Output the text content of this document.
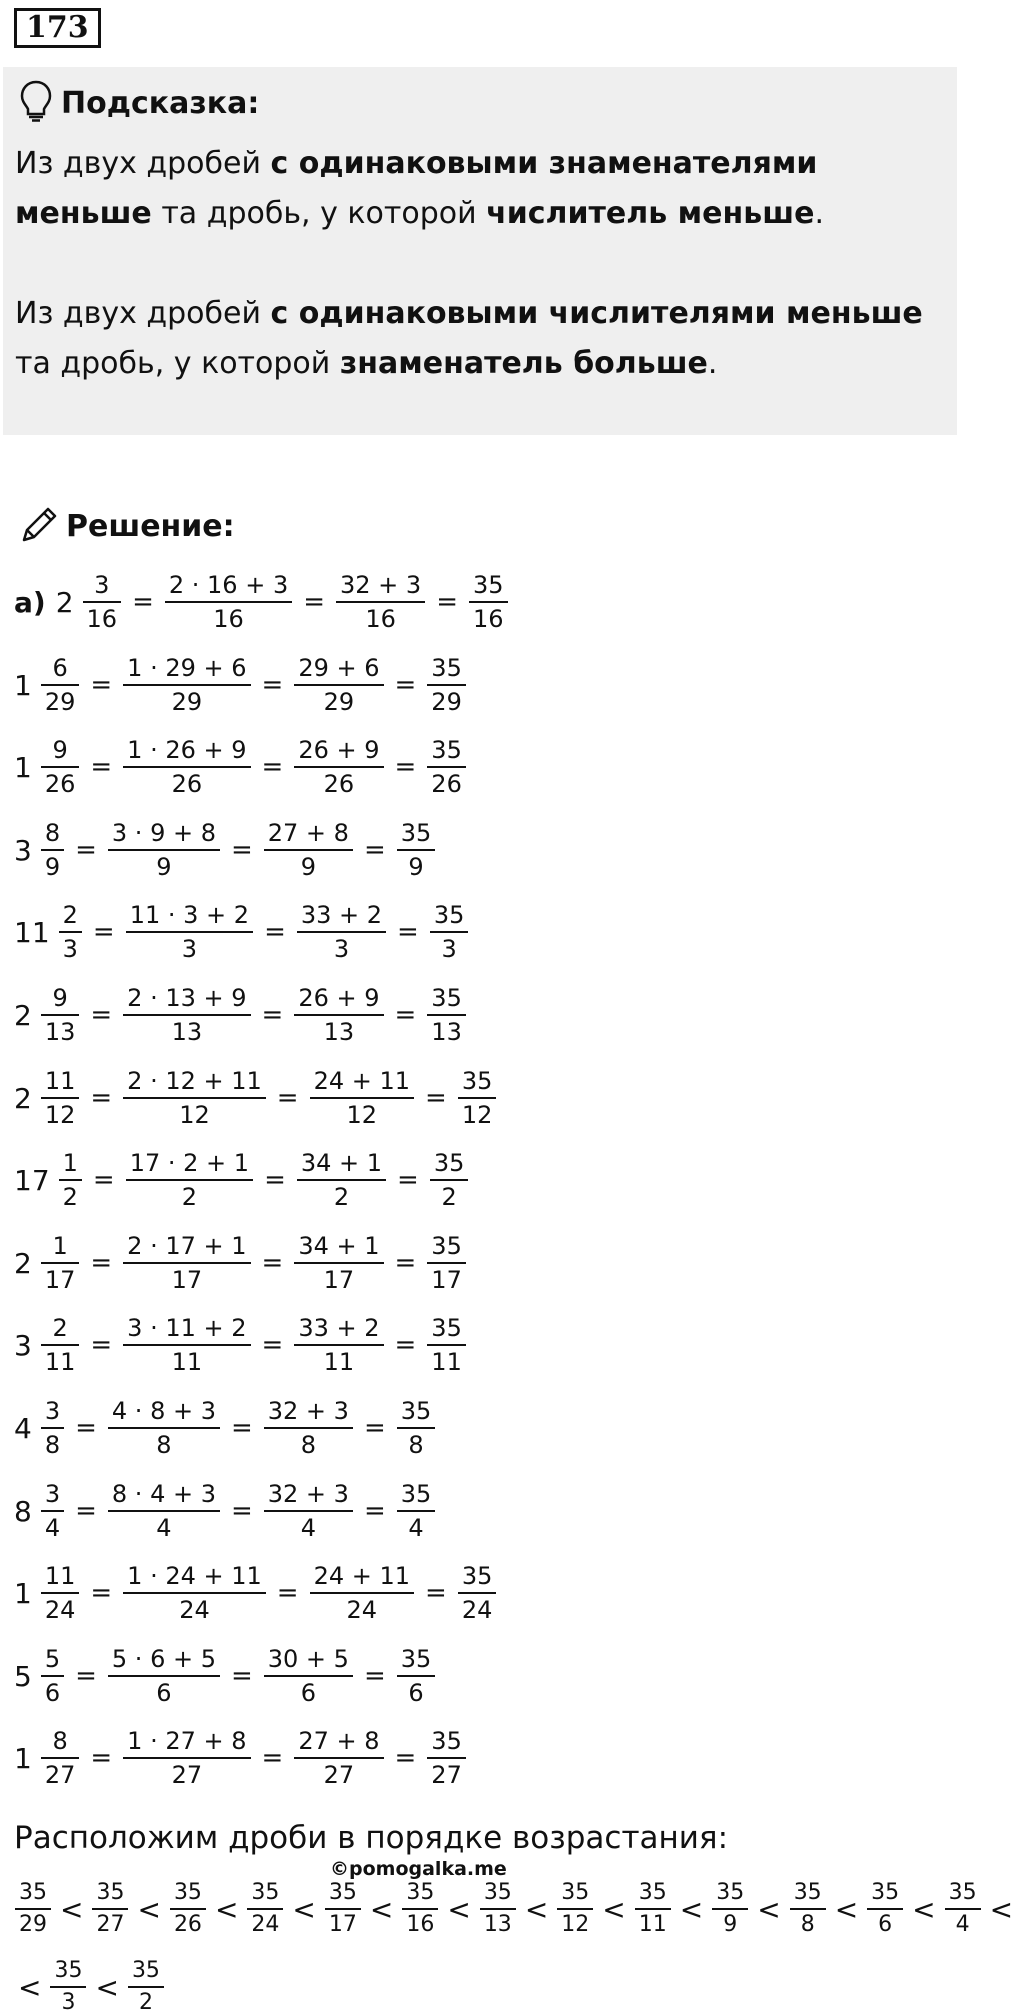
173
Подсказка:
Из двух дробей с одинаковыми знаменателями меньше та дробь, у которой числитель меньше.
Из двух дробей с одинаковыми числителями меньше та дробь, у которой знаменатель больше.
Решение:
а) $2 \frac{3}{16} = \frac{2 \cdot 16 + 3}{16} = \frac{32 + 3}{16} = \frac{35}{16}$
$1 \frac{6}{29} = \frac{1 \cdot 29 + 6}{29} = \frac{29 + 6}{29} = \frac{35}{29}$
$1 \frac{9}{26} = \frac{1 \cdot 26 + 9}{26} = \frac{26 + 9}{26} = \frac{35}{26}$
$3 \frac{8}{9} = \frac{3 \cdot 9 + 8}{9} = \frac{27 + 8}{9} = \frac{35}{9}$
$11 \frac{2}{3} = \frac{11 \cdot 3 + 2}{3} = \frac{33 + 2}{3} = \frac{35}{3}$
$2 \frac{9}{13} = \frac{2 \cdot 13 + 9}{13} = \frac{26 + 9}{13} = \frac{35}{13}$
$2 \frac{11}{12} = \frac{2 \cdot 12 + 11}{12} = \frac{24 + 11}{12} = \frac{35}{12}$
$17 \frac{1}{2} = \frac{17 \cdot 2 + 1}{2} = \frac{34 + 1}{2} = \frac{35}{2}$
$2 \frac{1}{17} = \frac{2 \cdot 17 + 1}{17} = \frac{34 + 1}{17} = \frac{35}{17}$
$3 \frac{2}{11} = \frac{3 \cdot 11 + 2}{11} = \frac{33 + 2}{11} = \frac{35}{11}$
$4 \frac{3}{8} = \frac{4 \cdot 8 + 3}{8} = \frac{32 + 3}{8} = \frac{35}{8}$
$8 \frac{3}{4} = \frac{8 \cdot 4 + 3}{4} = \frac{32 + 3}{4} = \frac{35}{4}$
$1 \frac{11}{24} = \frac{1 \cdot 24 + 11}{24} = \frac{24 + 11}{24} = \frac{35}{24}$
$5 \frac{5}{6} = \frac{5 \cdot 6 + 5}{6} = \frac{30 + 5}{6} = \frac{35}{6}$
$1 \frac{8}{27} = \frac{1 \cdot 27 + 8}{27} = \frac{27 + 8}{27} = \frac{35}{27}$
Расположим дроби в порядке возрастания:
©pomogalka.me
$\frac{35}{29} < \frac{35}{27} < \frac{35}{26} < \frac{35}{24} < \frac{35}{17} < \frac{35}{16} < \frac{35}{13} < \frac{35}{12} < \frac{35}{11} < \frac{35}{9} < \frac{35}{8} < \frac{35}{6} < \frac{35}{4}$ <
< $\frac{35}{3} < \frac{35}{2}$
